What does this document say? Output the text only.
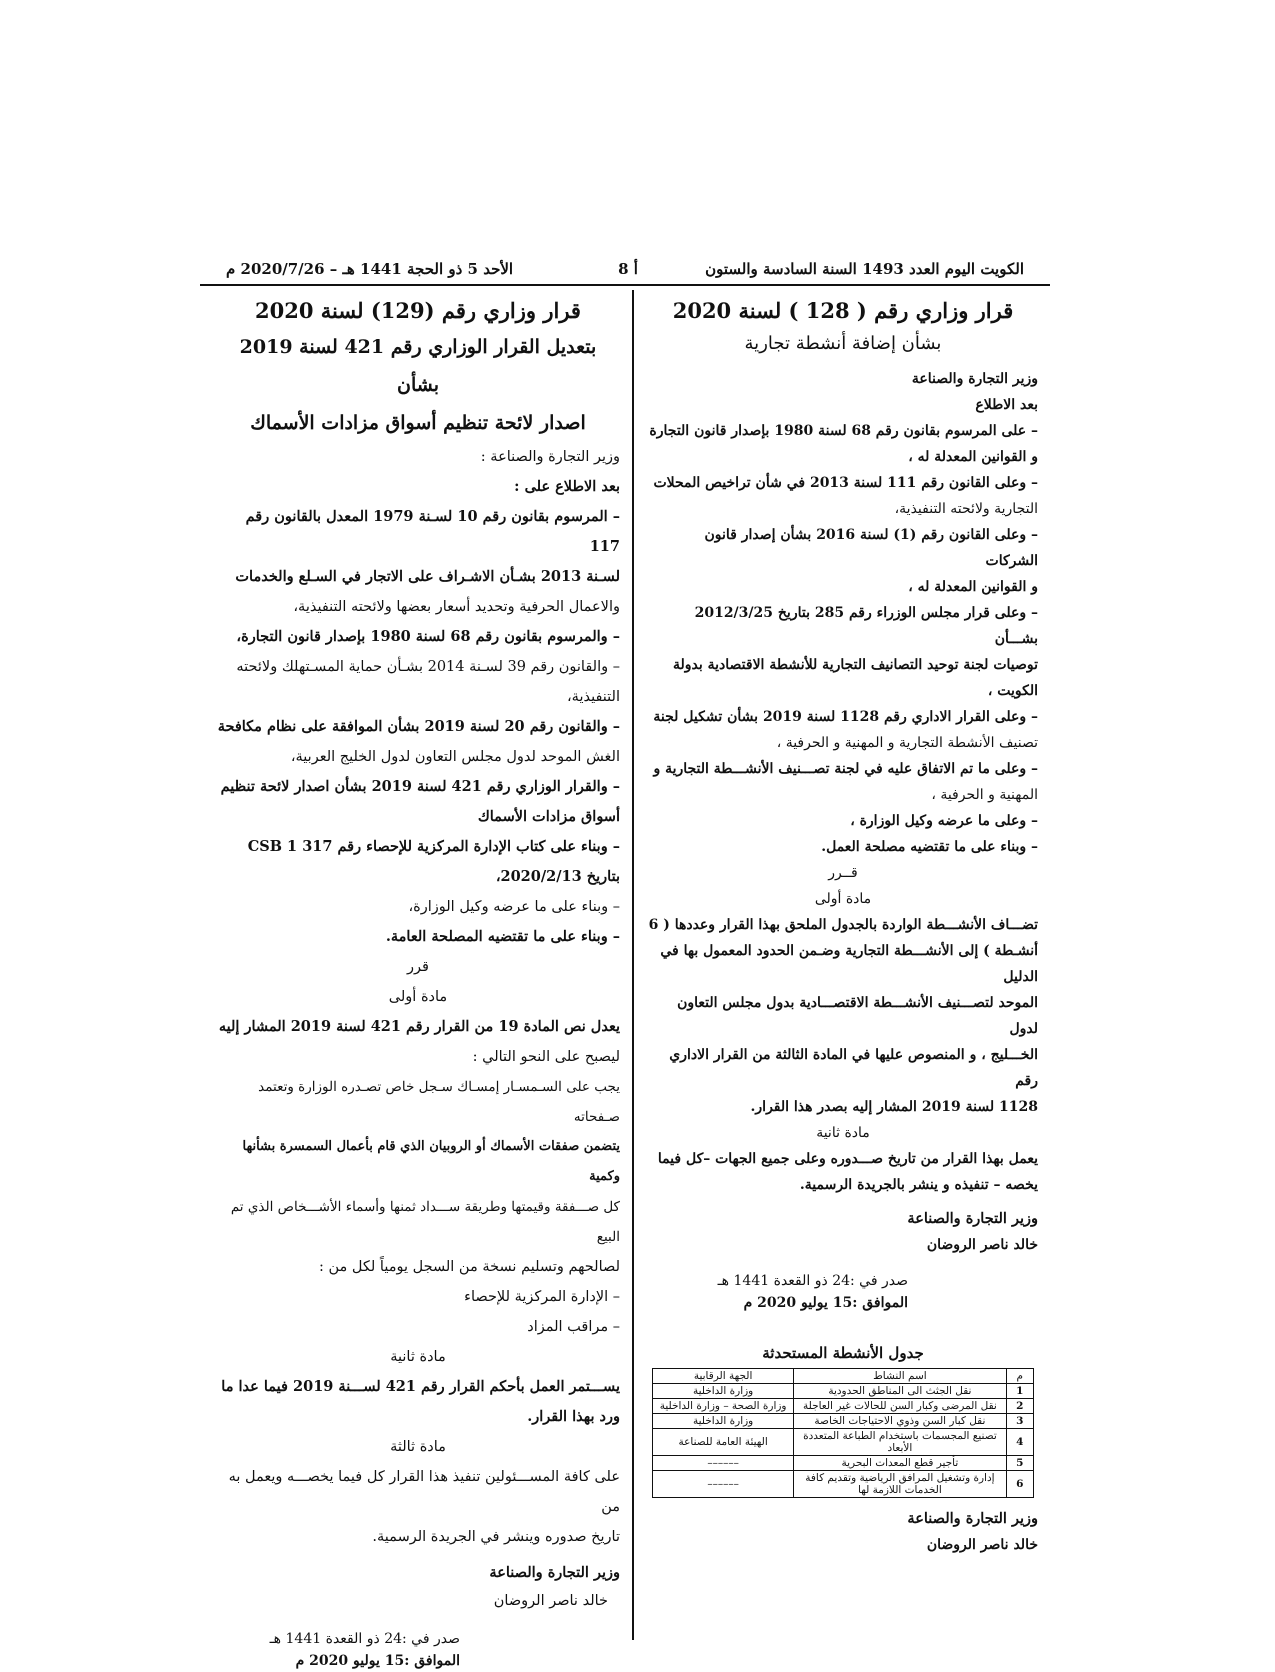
الكويت اليوم العدد 1493 السنة السادسة والستون
أ 8
الأحد 5 ذو الحجة 1441 هـ – 2020/7/26 م

قرار وزاري رقم ( 128 ) لسنة 2020

بشأن إضافة أنشطة تجارية

وزير التجارة والصناعة

بعد الاطلاع

– على المرسوم بقانون رقم 68 لسنة 1980 بإصدار قانون التجارة

و القوانين المعدلة له ،

– وعلى القانون رقم 111 لسنة 2013 في شأن تراخيص المحلات

التجارية ولائحته التنفيذية،

– وعلى القانون رقم (1) لسنة 2016 بشأن إصدار قانون الشركات

و القوانين المعدلة له ،

– وعلى قرار مجلس الوزراء رقم 285 بتاريخ 2012/3/25 بشـــأن

توصيات لجنة توحيد التصانيف التجارية للأنشطة الاقتصادية بدولة

الكويت ،

– وعلى القرار الاداري رقم 1128 لسنة 2019 بشأن تشكيل لجنة

تصنيف الأنشطة التجارية و المهنية و الحرفية ،

– وعلى ما تم الاتفاق عليه في لجنة تصـــنيف الأنشـــطة التجارية و

المهنية و الحرفية ،

– وعلى ما عرضه وكيل الوزارة ،

– وبناء على ما تقتضيه مصلحة العمل.

قــرر

مادة أولى

تضـــاف الأنشـــطة الواردة بالجدول الملحق بهذا القرار وعددها ( 6

أنشـطة ) إلى الأنشـــطة التجارية وضـمن الحدود المعمول بها في الدليل

الموحد لتصـــنيف الأنشـــطة الاقتصـــادية بدول مجلس التعاون لدول

الخـــليج ، و المنصوص عليها في المادة الثالثة من القرار الاداري رقم

1128 لسنة 2019 المشار إليه بصدر هذا القرار.

مادة ثانية

يعمل بهذا القرار من تاريخ صـــدوره وعلى جميع الجهات –كل فيما

يخصه – تنفيذه و ينشر بالجريدة الرسمية.

وزير التجارة والصناعة

خالد ناصر الروضان

صدر في :24 ذو القعدة 1441 هـ
الموافق :15 يوليو 2020 م

جدول الأنشطة المستحدثة

م	اسم النشاط	الجهة الرقابية
1	نقل الجثث الى المناطق الحدودية	وزارة الداخلية
2	نقل المرضى وكبار السن للحالات غير العاجلة	وزارة الصحة – وزارة الداخلية
3	نقل كبار السن وذوي الاحتياجات الخاصة	وزارة الداخلية
4	تصنيع المجسمات باستخدام الطباعة المتعددة الأبعاد	الهيئة العامة للصناعة
5	تأجير قطع المعدات البحرية	––––––
6	إدارة وتشغيل المرافق الرياضية وتقديم كافة الخدمات اللازمة لها	––––––

وزير التجارة والصناعة

خالد ناصر الروضان

قرار وزاري رقم (129) لسنة 2020

بتعديل القرار الوزاري رقم 421 لسنة 2019 بشأن

اصدار لائحة تنظيم أسواق مزادات الأسماك

وزير التجارة والصناعة :

بعد الاطلاع على :

– المرسوم بقانون رقم 10 لسـنة 1979 المعدل بالقانون رقم 117

لسـنة 2013 بشـأن الاشـراف على الاتجار في السـلع والخدمات

والاعمال الحرفية وتحديد أسعار بعضها ولائحته التنفيذية،

– والمرسوم بقانون رقم 68 لسنة 1980 بإصدار قانون التجارة،

– والقانون رقم 39 لسـنة 2014 بشـأن حماية المسـتهلك ولائحته

التنفيذية،

– والقانون رقم 20 لسنة 2019 بشأن الموافقة على نظام مكافحة

الغش الموحد لدول مجلس التعاون لدول الخليج العربية،

– والقرار الوزاري رقم 421 لسنة 2019 بشأن اصدار لائحة تنظيم

أسواق مزادات الأسماك

– وبناء على كتاب الإدارة المركزية للإحصاء رقم 317 1 CSB

بتاريخ 2020/2/13،

– وبناء على ما عرضه وكيل الوزارة،

– وبناء على ما تقتضيه المصلحة العامة.

قرر

مادة أولى

يعدل نص المادة 19 من القرار رقم 421 لسنة 2019 المشار إليه

ليصبح على النحو التالي :

يجب على السـمسـار إمسـاك سـجل خاص تصـدره الوزارة وتعتمد صـفحاته

يتضمن صفقات الأسماك أو الروبيان الذي قام بأعمال السمسرة بشأنها وكمية

كل صـــفقة وقيمتها وطريقة ســـداد ثمنها وأسماء الأشـــخاص الذي تم البيع

لصالحهم وتسليم نسخة من السجل يومياً لكل من :

– الإدارة المركزية للإحصاء

– مراقب المزاد

مادة ثانية

يســـتمر العمل بأحكم القرار رقم 421 لســـنة 2019 فيما عدا ما

ورد بهذا القرار.

مادة ثالثة

على كافة المســـئولين تنفيذ هذا القرار كل فيما يخصـــه ويعمل به من

تاريخ صدوره وينشر في الجريدة الرسمية.

وزير التجارة والصناعة

خالد ناصر الروضان

صدر في :24 ذو القعدة 1441 هـ
الموافق :15 يوليو 2020 م
